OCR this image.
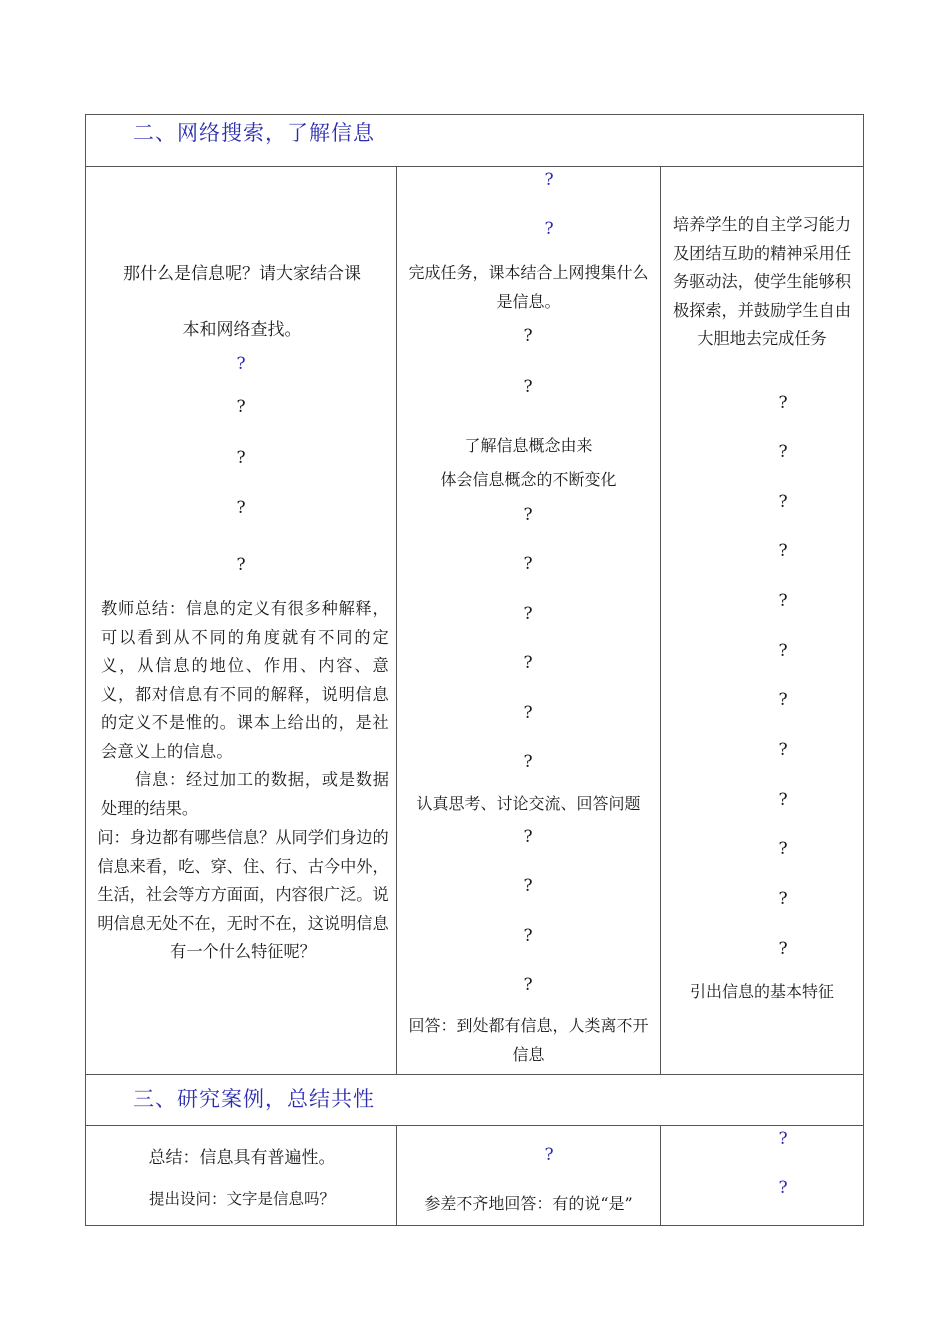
二、网络搜索，了解信息
那什么是信息呢？请大家结合课
本和网络查找。
?
?
?
?
?
教师总结：信息的定义有很多种解释，可以看到从不同的角度就有不同的定义，从信息的地位、作用、内容、意义，都对信息有不同的解释，说明信息的定义不是惟的。课本上给出的，是社会意义上的信息。
信息：经过加工的数据，或是数据处理的结果。
问：身边都有哪些信息？从同学们身边的信息来看，吃、穿、住、行、古今中外，生活，社会等方方面面，内容很广泛。说明信息无处不在，无时不在，这说明信息有一个什么特征呢？
?
?
完成任务，课本结合上网搜集什么是信息。
?
?
了解信息概念由来
体会信息概念的不断变化
?
?
?
?
?
?
认真思考、讨论交流、回答问题
?
?
?
?
回答：到处都有信息，人类离不开信息
培养学生的自主学习能力及团结互助的精神采用任务驱动法，使学生能够积极探索，并鼓励学生自由大胆地去完成任务
?
?
?
?
?
?
?
?
?
?
?
?
引出信息的基本特征
三、研究案例，总结共性
总结：信息具有普遍性。
提出设问：文字是信息吗？
?
参差不齐地回答：有的说“是”
?
?
